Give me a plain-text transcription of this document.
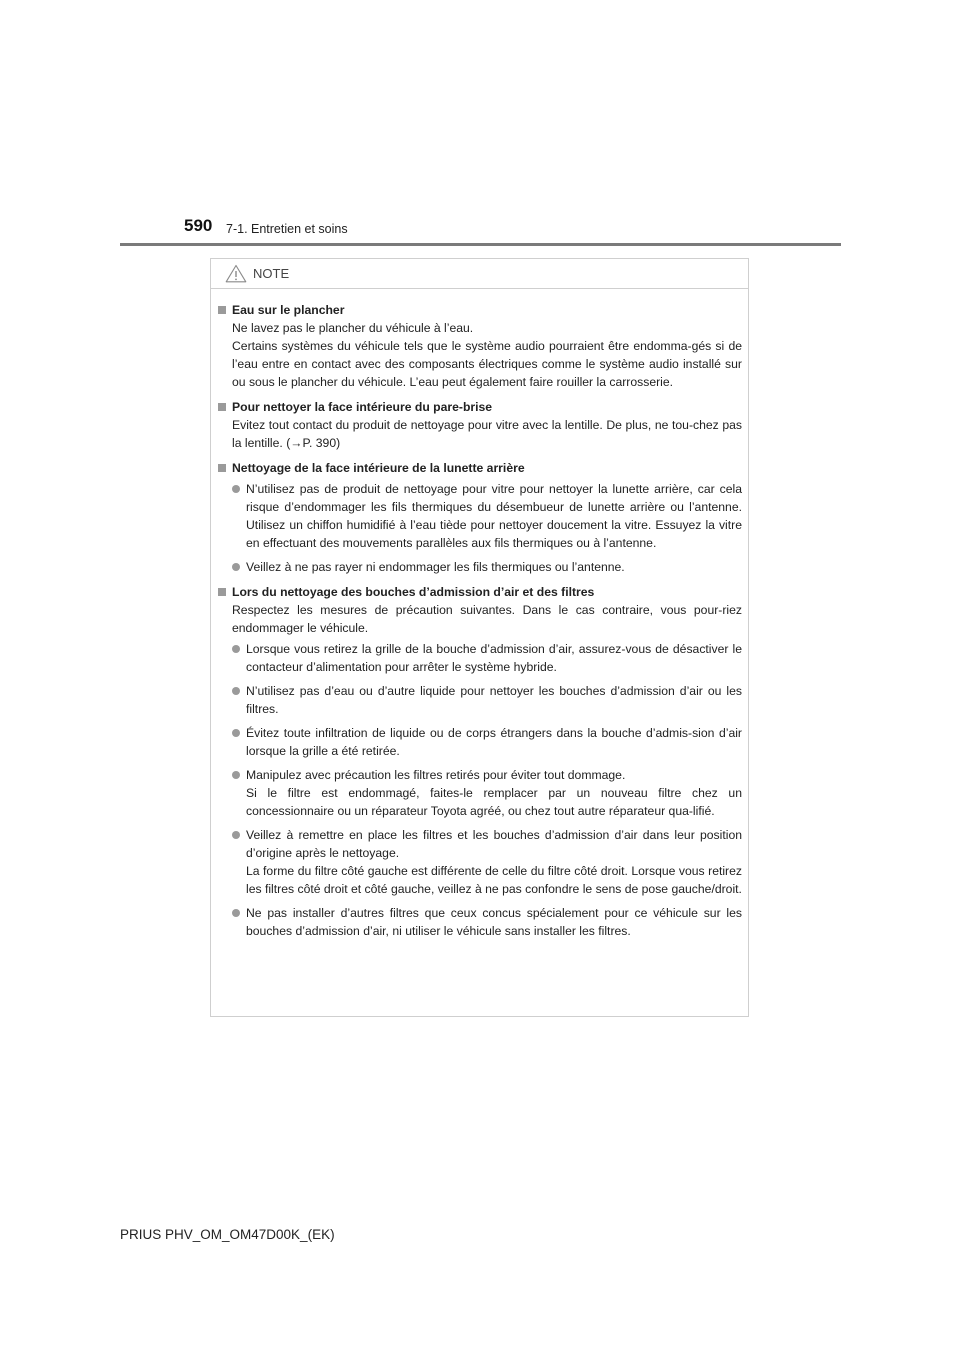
590 7-1. Entretien et soins
NOTE
Eau sur le plancher
Ne lavez pas le plancher du véhicule à l’eau.
Certains systèmes du véhicule tels que le système audio pourraient être endomma-gés si de l’eau entre en contact avec des composants électriques comme le système audio installé sur ou sous le plancher du véhicule. L’eau peut également faire rouiller la carrosserie.
Pour nettoyer la face intérieure du pare-brise
Evitez tout contact du produit de nettoyage pour vitre avec la lentille. De plus, ne tou-chez pas la lentille. (→P. 390)
Nettoyage de la face intérieure de la lunette arrière
N’utilisez pas de produit de nettoyage pour vitre pour nettoyer la lunette arrière, car cela risque d’endommager les fils thermiques du désembueur de lunette arrière ou l’antenne. Utilisez un chiffon humidifié à l’eau tiède pour nettoyer doucement la vitre. Essuyez la vitre en effectuant des mouvements parallèles aux fils thermiques ou à l’antenne.
Veillez à ne pas rayer ni endommager les fils thermiques ou l’antenne.
Lors du nettoyage des bouches d’admission d’air et des filtres
Respectez les mesures de précaution suivantes. Dans le cas contraire, vous pour-riez endommager le véhicule.
Lorsque vous retirez la grille de la bouche d’admission d’air, assurez-vous de désactiver le contacteur d’alimentation pour arrêter le système hybride.
N’utilisez pas d’eau ou d’autre liquide pour nettoyer les bouches d’admission d’air ou les filtres.
Évitez toute infiltration de liquide ou de corps étrangers dans la bouche d’admis-sion d’air lorsque la grille a été retirée.
Manipulez avec précaution les filtres retirés pour éviter tout dommage.
Si le filtre est endommagé, faites-le remplacer par un nouveau filtre chez un concessionnaire ou un réparateur Toyota agréé, ou chez tout autre réparateur qua-lifié.
Veillez à remettre en place les filtres et les bouches d’admission d’air dans leur position d’origine après le nettoyage.
La forme du filtre côté gauche est différente de celle du filtre côté droit. Lorsque vous retirez les filtres côté droit et côté gauche, veillez à ne pas confondre le sens de pose gauche/droit.
Ne pas installer d’autres filtres que ceux concus spécialement pour ce véhicule sur les bouches d’admission d’air, ni utiliser le véhicule sans installer les filtres.
PRIUS PHV_OM_OM47D00K_(EK)
